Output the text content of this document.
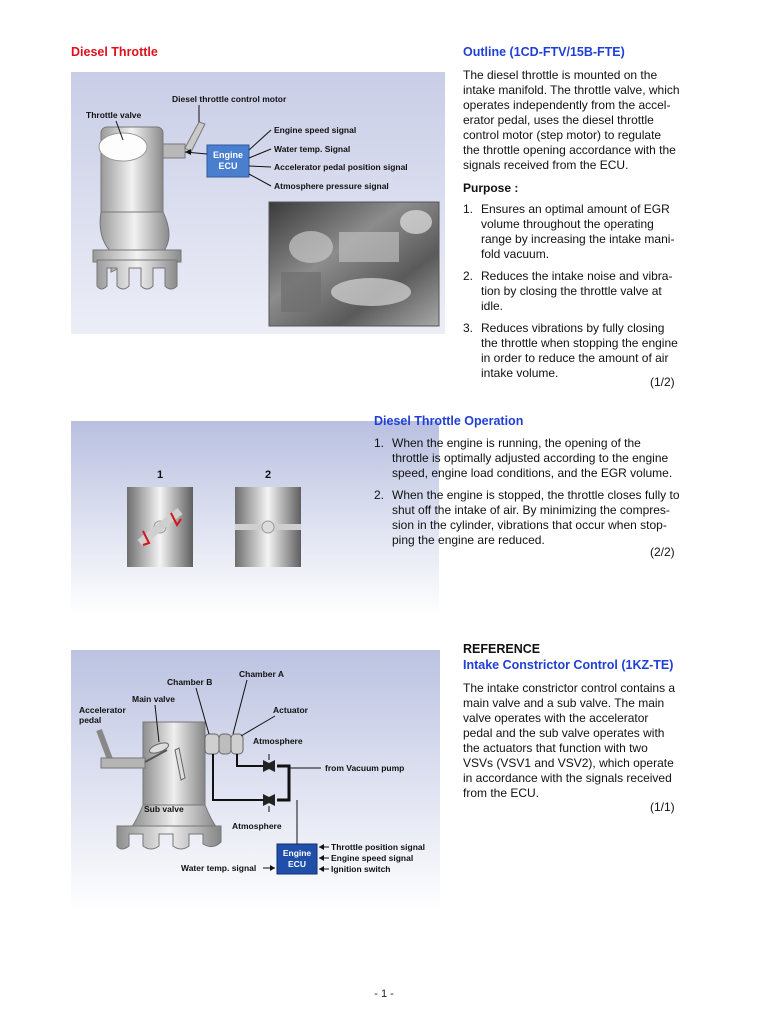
Diesel Throttle
Engine
ECU
Engine speed signal
Water temp. Signal
Accelerator pedal position signal
Atmosphere pressure signal
Diesel throttle control motor
Throttle valve
Outline (1CD-FTV/15B-FTE)

The diesel throttle is mounted on the intake manifold. The throttle valve, which operates independently from the accel-erator pedal, uses the diesel throttle control motor (step motor) to regulate the throttle opening accordance with the signals received from the ECU.

Purpose :
1. Ensures an optimal amount of EGR volume throughout the operating range by increasing the intake mani-fold vacuum.
2. Reduces the intake noise and vibra-tion by closing the throttle valve at idle.
3. Reduces vibrations by fully closing the throttle when stopping the engine in order to reduce the amount of air intake volume.
(1/2)
1	2
Diesel Throttle Operation
1. When the engine is running, the opening of the throttle is optimally adjusted according to the engine speed, engine load conditions, and the EGR volume.
2. When the engine is stopped, the throttle closes fully to shut off the intake of air. By minimizing the compres-sion in the cylinder, vibrations that occur when stop-ping the engine are reduced.
(2/2)
Engine
ECU
Chamber B
Chamber A
Main valve
Accelerator
pedal
Actuator
Atmosphere
from Vacuum pump
Sub valve
Atmosphere
Water temp. signal
Throttle position signal
Engine speed signal
Ignition switch
REFERENCE
Intake Constrictor Control (1KZ-TE)

The intake constrictor control contains a main valve and a sub valve. The main valve operates with the accelerator pedal and the sub valve operates with the actuators that function with two VSVs (VSV1 and VSV2), which operate in accordance with the signals received from the ECU.

(1/1)
- 1 -
